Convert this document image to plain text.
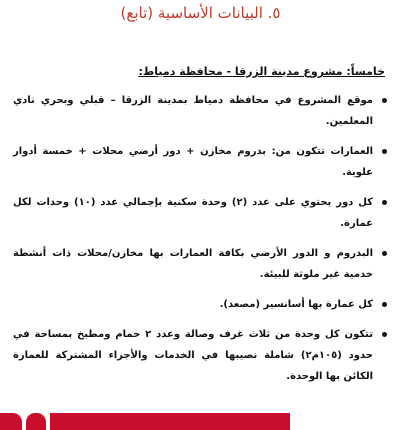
٥. البيانات الأساسية (تابع)
خامساً: مشروع مدينة الزرقا - محافظة دمياط:
موقع المشروع في محافظة دمياط بمدينة الزرقا – قبلي وبحري نادي المعلمين.
العمارات تتكون من: بدروم مخازن + دور أرضي محلات + خمسة أدوار علوية.
كل دور يحتوي على عدد (٢) وحدة سكنية بإجمالي عدد (١٠) وحدات لكل عمارة.
البدروم و الدور الأرضي بكافة العمارات بها مخازن/محلات ذات أنشطة خدمية غير ملوثة للبيئة.
كل عمارة بها أسانسير (مصعد).
تتكون كل وحدة من ثلاث غرف وصالة وعدد ٢ حمام ومطبخ بمساحة في حدود (١٠٥م٢) شاملة نصيبها في الخدمات والأجزاء المشتركة للعمارة الكائن بها الوحدة.
